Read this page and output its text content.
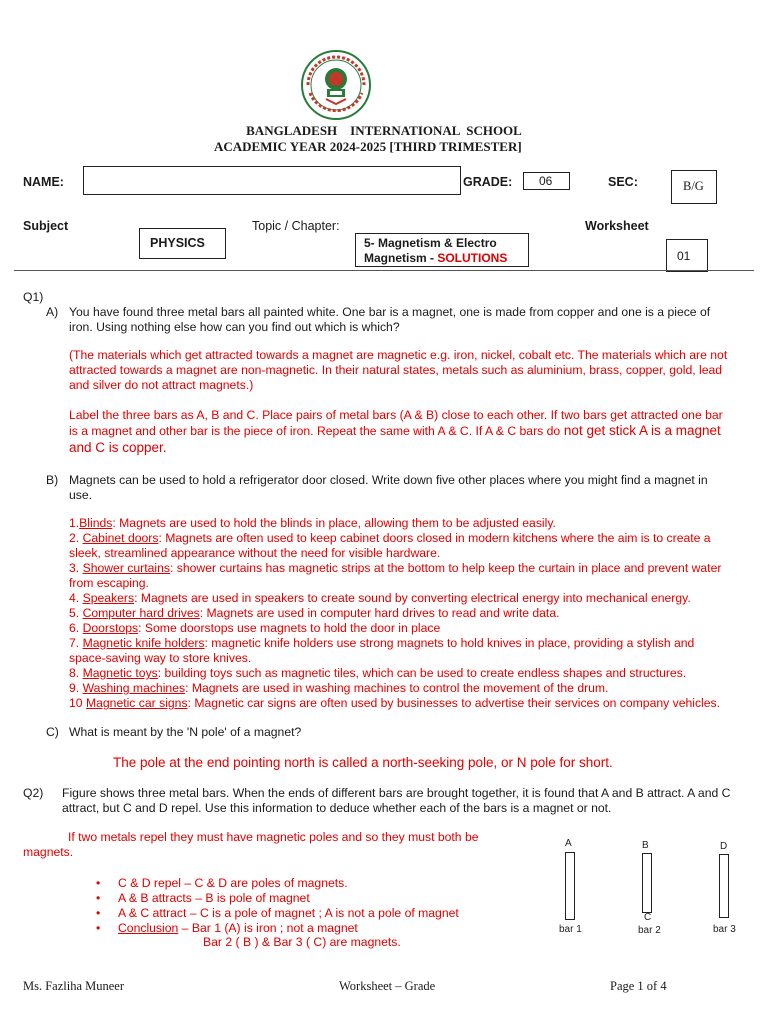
BANGLADESH    INTERNATIONAL  SCHOOL
ACADEMIC YEAR 2024-2025 [THIRD TRIMESTER]
NAME:	GRADE: 06	SEC:	B/G
Subject
PHYSICS
Topic / Chapter:
5- Magnetism & Electro
Magnetism - SOLUTIONS
Worksheet
01
Q1)
A) You have found three metal bars all painted white. One bar is a magnet, one is made from copper and one is a piece of
iron. Using nothing else how can you find out which is which?
(The materials which get attracted towards a magnet are magnetic e.g. iron, nickel, cobalt etc. The materials which are not
attracted towards a magnet are non-magnetic. In their natural states, metals such as aluminium, brass, copper, gold, lead
and silver do not attract magnets.)
Label the three bars as A, B and C. Place pairs of metal bars (A & B) close to each other. If two bars get attracted one bar
is a magnet and other bar is the piece of iron. Repeat the same with A & C. If A & C bars do not get stick A is a magnet
and C is copper.
B) Magnets can be used to hold a refrigerator door closed. Write down five other places where you might find a magnet in
use.
1.Blinds: Magnets are used to hold the blinds in place, allowing them to be adjusted easily.
2. Cabinet doors: Magnets are often used to keep cabinet doors closed in modern kitchens where the aim is to create a
sleek, streamlined appearance without the need for visible hardware.
3. Shower curtains: shower curtains has magnetic strips at the bottom to help keep the curtain in place and prevent water
from escaping.
4. Speakers: Magnets are used in speakers to create sound by converting electrical energy into mechanical energy.
5. Computer hard drives: Magnets are used in computer hard drives to read and write data.
6. Doorstops: Some doorstops use magnets to hold the door in place
7. Magnetic knife holders: magnetic knife holders use strong magnets to hold knives in place, providing a stylish and
space-saving way to store knives.
8. Magnetic toys: building toys such as magnetic tiles, which can be used to create endless shapes and structures.
9. Washing machines: Magnets are used in washing machines to control the movement of the drum.
10 Magnetic car signs: Magnetic car signs are often used by businesses to advertise their services on company vehicles.
C) What is meant by the 'N pole' of a magnet?
The pole at the end pointing north is called a north-seeking pole, or N pole for short.
Q2) Figure shows three metal bars. When the ends of different bars are brought together, it is found that A and B attract. A and C
attract, but C and D repel. Use this information to deduce whether each of the bars is a magnet or not.
If two metals repel they must have magnetic poles and so they must both be
magnets.
• C & D repel – C & D are poles of magnets.
• A & B attracts – B is pole of magnet
• A & C attract – C is a pole of magnet ; A is not a pole of magnet
• Conclusion – Bar 1 (A) is iron ; not a magnet
Bar 2 ( B ) & Bar 3 ( C) are magnets.
A
bar 1
B
C
bar 2
D
bar 3
Ms. Fazliha Muneer	Worksheet – Grade	Page 1 of 4
